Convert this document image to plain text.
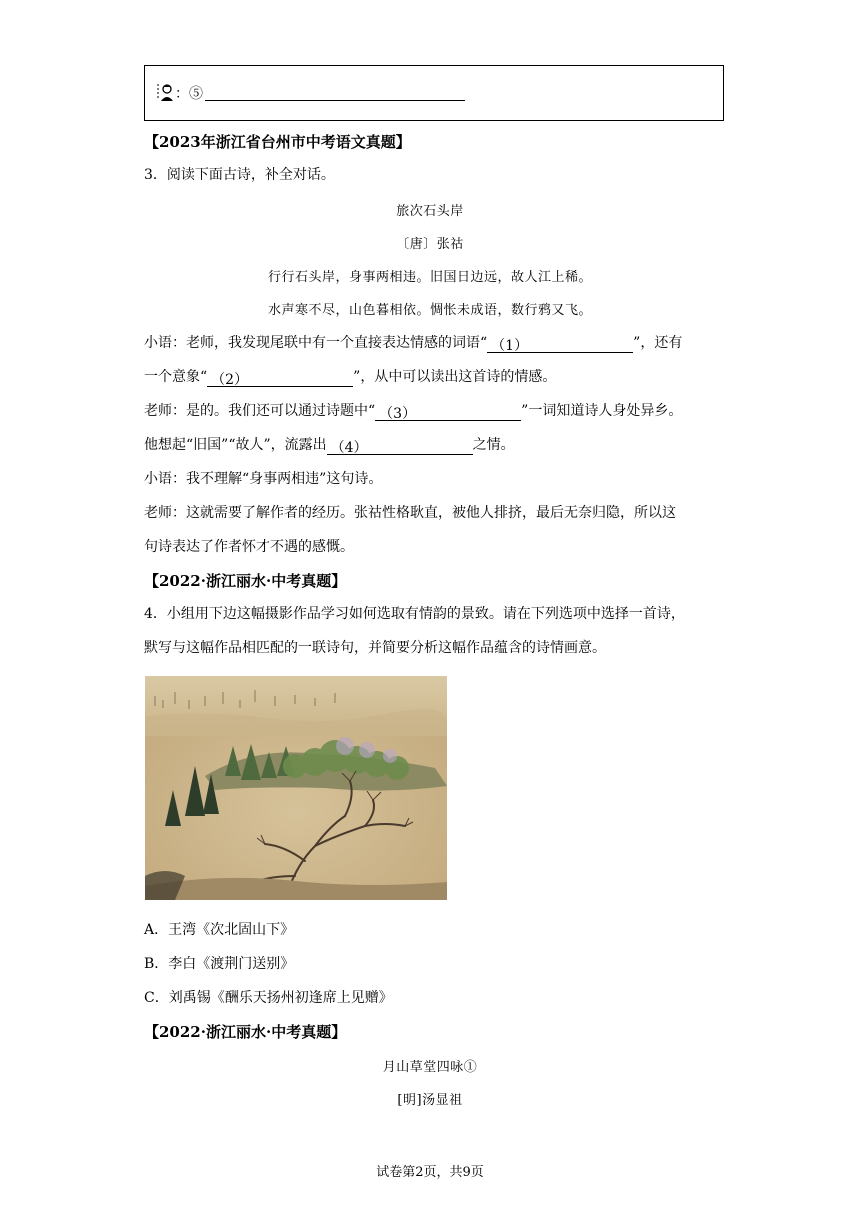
：⑤
【2023年浙江省台州市中考语文真题】
3．阅读下面古诗，补全对话。
旅次石头岸
〔唐〕张祜
行行石头岸，身事两相违。旧国日边远，故人江上稀。
水声寒不尽，山色暮相依。惆怅未成语，数行鸦又飞。
小语：老师，我发现尾联中有一个直接表达情感的词语“ （1）	”，还有
一个意象“ （2）	”，从中可以读出这首诗的情感。
老师：是的。我们还可以通过诗题中“ （3）	”一词知道诗人身处异乡。
他想起“旧国”“故人”，流露出 （4）	之情。
小语：我不理解“身事两相违”这句诗。
老师：这就需要了解作者的经历。张祜性格耿直，被他人排挤，最后无奈归隐，所以这
句诗表达了作者怀才不遇的感慨。
【2022·浙江丽水·中考真题】
4．小组用下边这幅摄影作品学习如何选取有情韵的景致。请在下列选项中选择一首诗，
默写与这幅作品相匹配的一联诗句，并简要分析这幅作品蕴含的诗情画意。
A．王湾《次北固山下》
B．李白《渡荆门送别》
C．刘禹锡《酬乐天扬州初逢席上见赠》
【2022·浙江丽水·中考真题】
月山草堂四咏①
[明]汤显祖
试卷第2页，共9页
